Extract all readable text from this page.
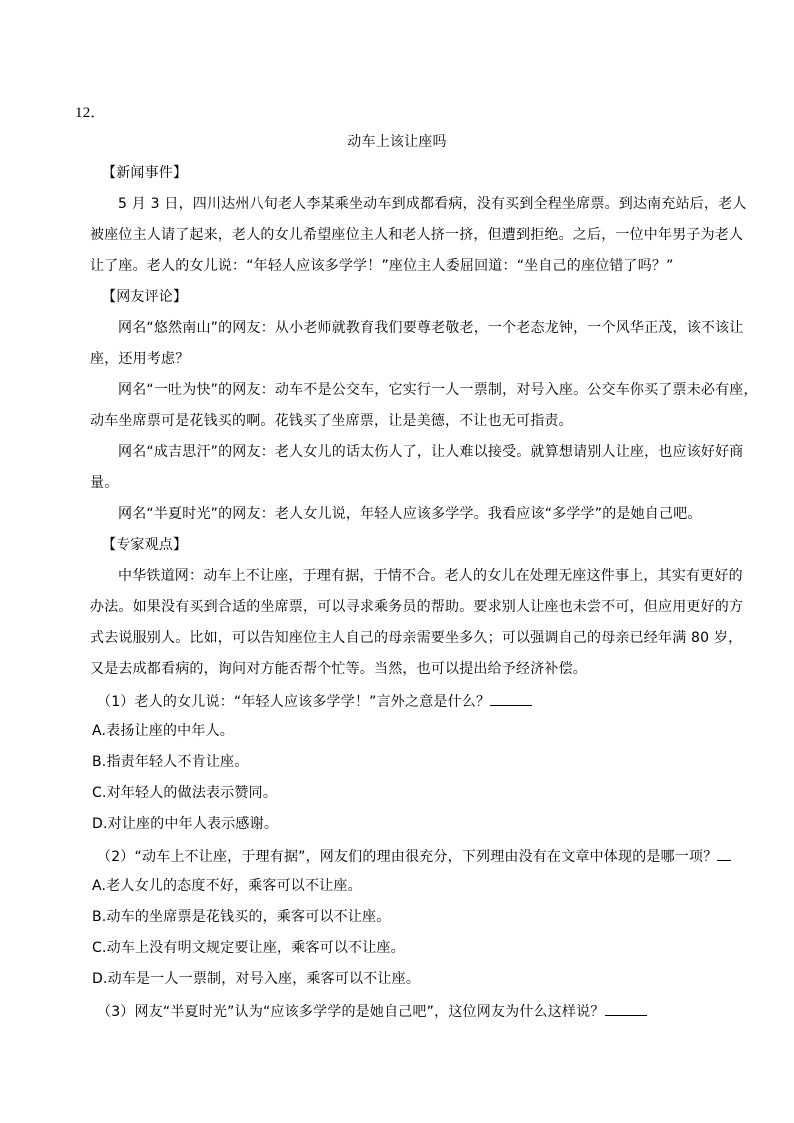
12．
动车上该让座吗
【新闻事件】
5 月 3 日，四川达州八旬老人李某乘坐动车到成都看病，没有买到全程坐席票。到达南充站后，老人
被座位主人请了起来，老人的女儿希望座位主人和老人挤一挤，但遭到拒绝。之后，一位中年男子为老人
让了座。老人的女儿说：“年轻人应该多学学！”座位主人委屈回道：“坐自己的座位错了吗？”
【网友评论】
网名“悠然南山”的网友：从小老师就教育我们要尊老敬老，一个老态龙钟，一个风华正茂，该不该让
座，还用考虑？
网名“一吐为快”的网友：动车不是公交车，它实行一人一票制，对号入座。公交车你买了票未必有座，
动车坐席票可是花钱买的啊。花钱买了坐席票，让是美德，不让也无可指责。
网名“成吉思汗”的网友：老人女儿的话太伤人了，让人难以接受。就算想请别人让座，也应该好好商
量。
网名“半夏时光”的网友：老人女儿说，年轻人应该多学学。我看应该“多学学”的是她自己吧。
【专家观点】
中华铁道网：动车上不让座，于理有据，于情不合。老人的女儿在处理无座这件事上，其实有更好的
办法。如果没有买到合适的坐席票，可以寻求乘务员的帮助。要求别人让座也未尝不可，但应用更好的方
式去说服别人。比如，可以告知座位主人自己的母亲需要坐多久；可以强调自己的母亲已经年满 80 岁，
又是去成都看病的，询问对方能否帮个忙等。当然，也可以提出给予经济补偿。
（1）老人的女儿说：“年轻人应该多学学！”言外之意是什么？
A.表扬让座的中年人。
B.指责年轻人不肯让座。
C.对年轻人的做法表示赞同。
D.对让座的中年人表示感谢。
（2）“动车上不让座，于理有据”，网友们的理由很充分，下列理由没有在文章中体现的是哪一项？
A.老人女儿的态度不好，乘客可以不让座。
B.动车的坐席票是花钱买的，乘客可以不让座。
C.动车上没有明文规定要让座，乘客可以不让座。
D.动车是一人一票制，对号入座，乘客可以不让座。
（3）网友“半夏时光”认为“应该多学学的是她自己吧”，这位网友为什么这样说？
